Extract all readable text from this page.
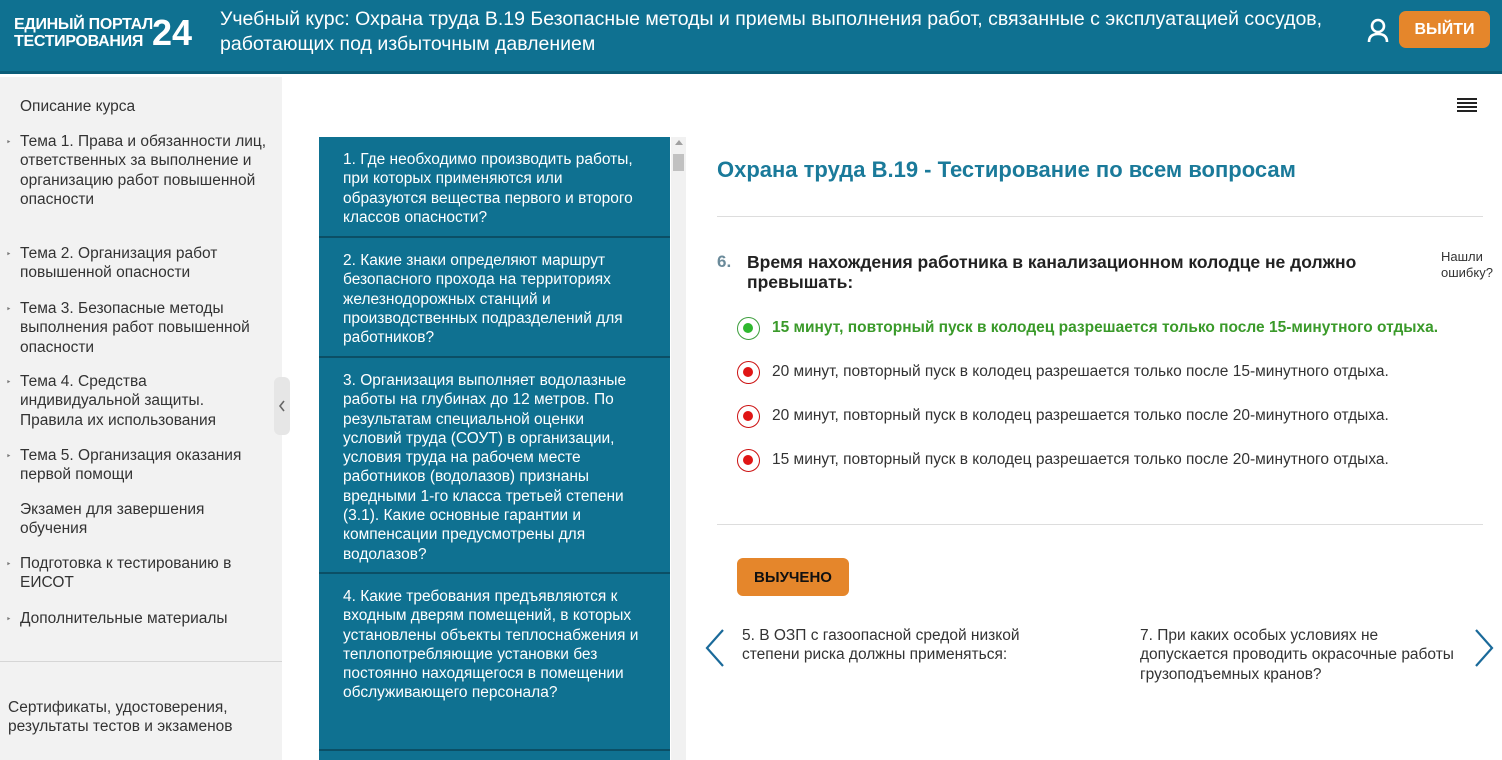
ЕДИНЫЙ ПОРТАЛ
ТЕСТИРОВАНИЯ 24 Учебный курс: Охрана труда В.19 Безопасные методы и приемы выполнения работ, связанные с эксплуатацией сосудов, работающих под избыточным давлением
ВЫЙТИ
Описание курса
‣ Тема 1. Права и обязанности лиц, ответственных за выполнение и организацию работ повышенной опасности
‣ Тема 2. Организация работ повышенной опасности
‣ Тема 3. Безопасные методы выполнения работ повышенной опасности
‣ Тема 4. Средства индивидуальной защиты. Правила их использования
‣ Тема 5. Организация оказания первой помощи
Экзамен для завершения обучения
‣ Подготовка к тестированию в ЕИСОТ
‣ Дополнительные материалы
Сертификаты, удостоверения, результаты тестов и экзаменов
1. Где необходимо производить работы, при которых применяются или образуются вещества первого и второго классов опасности?
2. Какие знаки определяют маршрут безопасного прохода на территориях железнодорожных станций и производственных подразделений для работников?
3. Организация выполняет водолазные работы на глубинах до 12 метров. По результатам специальной оценки условий труда (СОУТ) в организации, условия труда на рабочем месте работников (водолазов) признаны вредными 1-го класса третьей степени (3.1). Какие основные гарантии и компенсации предусмотрены для водолазов?
4. Какие требования предъявляются к входным дверям помещений, в которых установлены объекты теплоснабжения и теплопотребляющие установки без постоянно находящегося в помещении обслуживающего персонала?
Охрана труда В.19 - Тестирование по всем вопросам
6. Время нахождения работника в канализационном колодце не должно превышать:
Нашли ошибку?
15 минут, повторный пуск в колодец разрешается только после 15-минутного отдыха.
20 минут, повторный пуск в колодец разрешается только после 15-минутного отдыха.
20 минут, повторный пуск в колодец разрешается только после 20-минутного отдыха.
15 минут, повторный пуск в колодец разрешается только после 20-минутного отдыха.
ВЫУЧЕНО
5. В ОЗП с газоопасной средой низкой степени риска должны применяться:
7. При каких особых условиях не допускается проводить окрасочные работы грузоподъемных кранов?
